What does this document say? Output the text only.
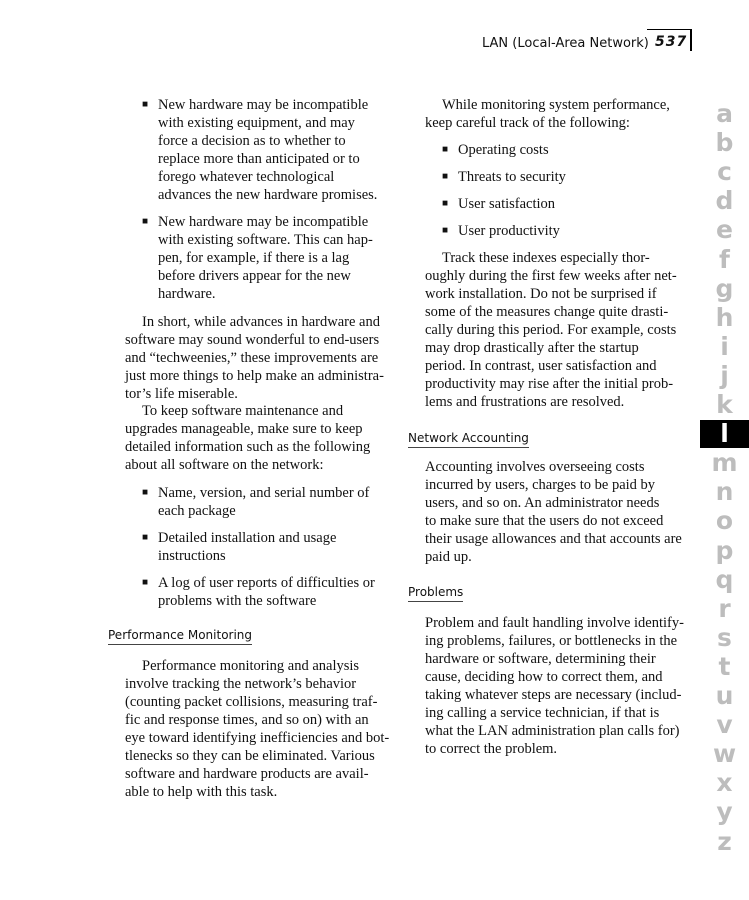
LAN (Local-Area Network) 537
■ New hardware may be incompatible
with existing equipment, and may
force a decision as to whether to
replace more than anticipated or to
forego whatever technological
advances the new hardware promises.
■ New hardware may be incompatible
with existing software. This can hap-
pen, for example, if there is a lag
before drivers appear for the new
hardware.
In short, while advances in hardware and
software may sound wonderful to end-users
and “techweenies,” these improvements are
just more things to help make an administra-
tor’s life miserable.
To keep software maintenance and
upgrades manageable, make sure to keep
detailed information such as the following
about all software on the network:
■ Name, version, and serial number of
each package
■ Detailed installation and usage
instructions
■ A log of user reports of difficulties or
problems with the software
Performance Monitoring
Performance monitoring and analysis
involve tracking the network’s behavior
(counting packet collisions, measuring traf-
fic and response times, and so on) with an
eye toward identifying inefficiencies and bot-
tlenecks so they can be eliminated. Various
software and hardware products are avail-
able to help with this task.
While monitoring system performance,
keep careful track of the following:
■ Operating costs
■ Threats to security
■ User satisfaction
■ User productivity
Track these indexes especially thor-
oughly during the first few weeks after net-
work installation. Do not be surprised if
some of the measures change quite drasti-
cally during this period. For example, costs
may drop drastically after the startup
period. In contrast, user satisfaction and
productivity may rise after the initial prob-
lems and frustrations are resolved.
Network Accounting
Accounting involves overseeing costs
incurred by users, charges to be paid by
users, and so on. An administrator needs
to make sure that the users do not exceed
their usage allowances and that accounts are
paid up.
Problems
Problem and fault handling involve identify-
ing problems, failures, or bottlenecks in the
hardware or software, determining their
cause, deciding how to correct them, and
taking whatever steps are necessary (includ-
ing calling a service technician, if that is
what the LAN administration plan calls for)
to correct the problem.
a
b
c
d
e
f
g
h
i
j
k
l
m
n
o
p
q
r
s
t
u
v
w
x
y
z
